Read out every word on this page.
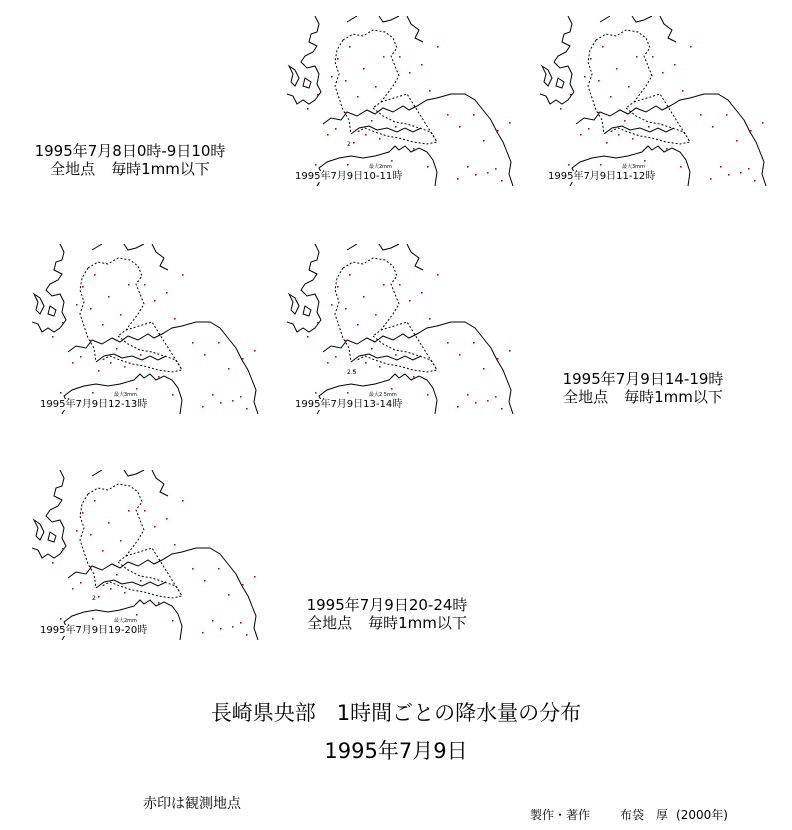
1995年7月8日0時-9日10時
全地点 毎時1mm以下
2
最大2mm
1995年7月9日10-11時
最大3mm
1995年7月9日11-12時
最大3mm
1995年7月9日12-13時
2.5
最大2.5mm
1995年7月9日13-14時
1995年7月9日14-19時
全地点 毎時1mm以下
2
最大2mm
1995年7月9日19-20時
1995年7月9日20-24時
全地点 毎時1mm以下
長崎県央部　1時間ごとの降水量の分布
1995年7月9日
赤印は観測地点
製作・著作	布袋　厚 (2000年)
